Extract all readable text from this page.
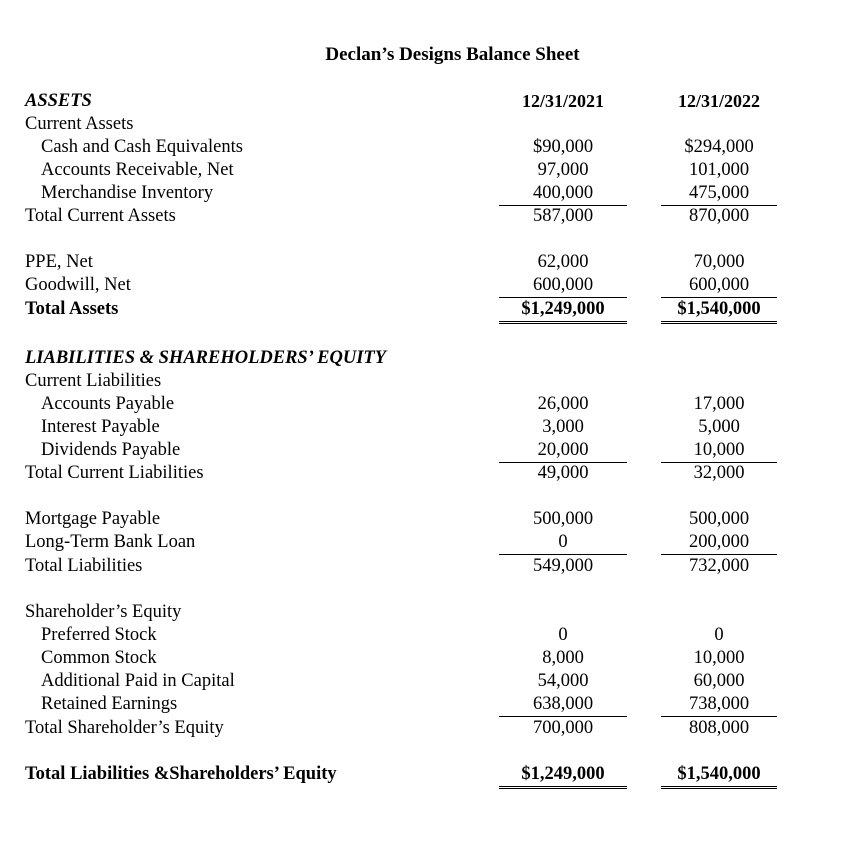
Declan’s Designs Balance Sheet
ASSETS	12/31/2021	12/31/2022
Current Assets
Cash and Cash Equivalents	$90,000	$294,000
Accounts Receivable, Net	97,000	101,000
Merchandise Inventory	400,000	475,000
Total Current Assets	587,000	870,000
PPE, Net	62,000	70,000
Goodwill, Net	600,000	600,000
Total Assets	$1,249,000	$1,540,000
LIABILITIES & SHAREHOLDERS’ EQUITY
Current Liabilities
Accounts Payable	26,000	17,000
Interest Payable	3,000	5,000
Dividends Payable	20,000	10,000
Total Current Liabilities	49,000	32,000
Mortgage Payable	500,000	500,000
Long-Term Bank Loan	0	200,000
Total Liabilities	549,000	732,000
Shareholder’s Equity
Preferred Stock	0	0
Common Stock	8,000	10,000
Additional Paid in Capital	54,000	60,000
Retained Earnings	638,000	738,000
Total Shareholder’s Equity	700,000	808,000
Total Liabilities &Shareholders’ Equity	$1,249,000	$1,540,000
